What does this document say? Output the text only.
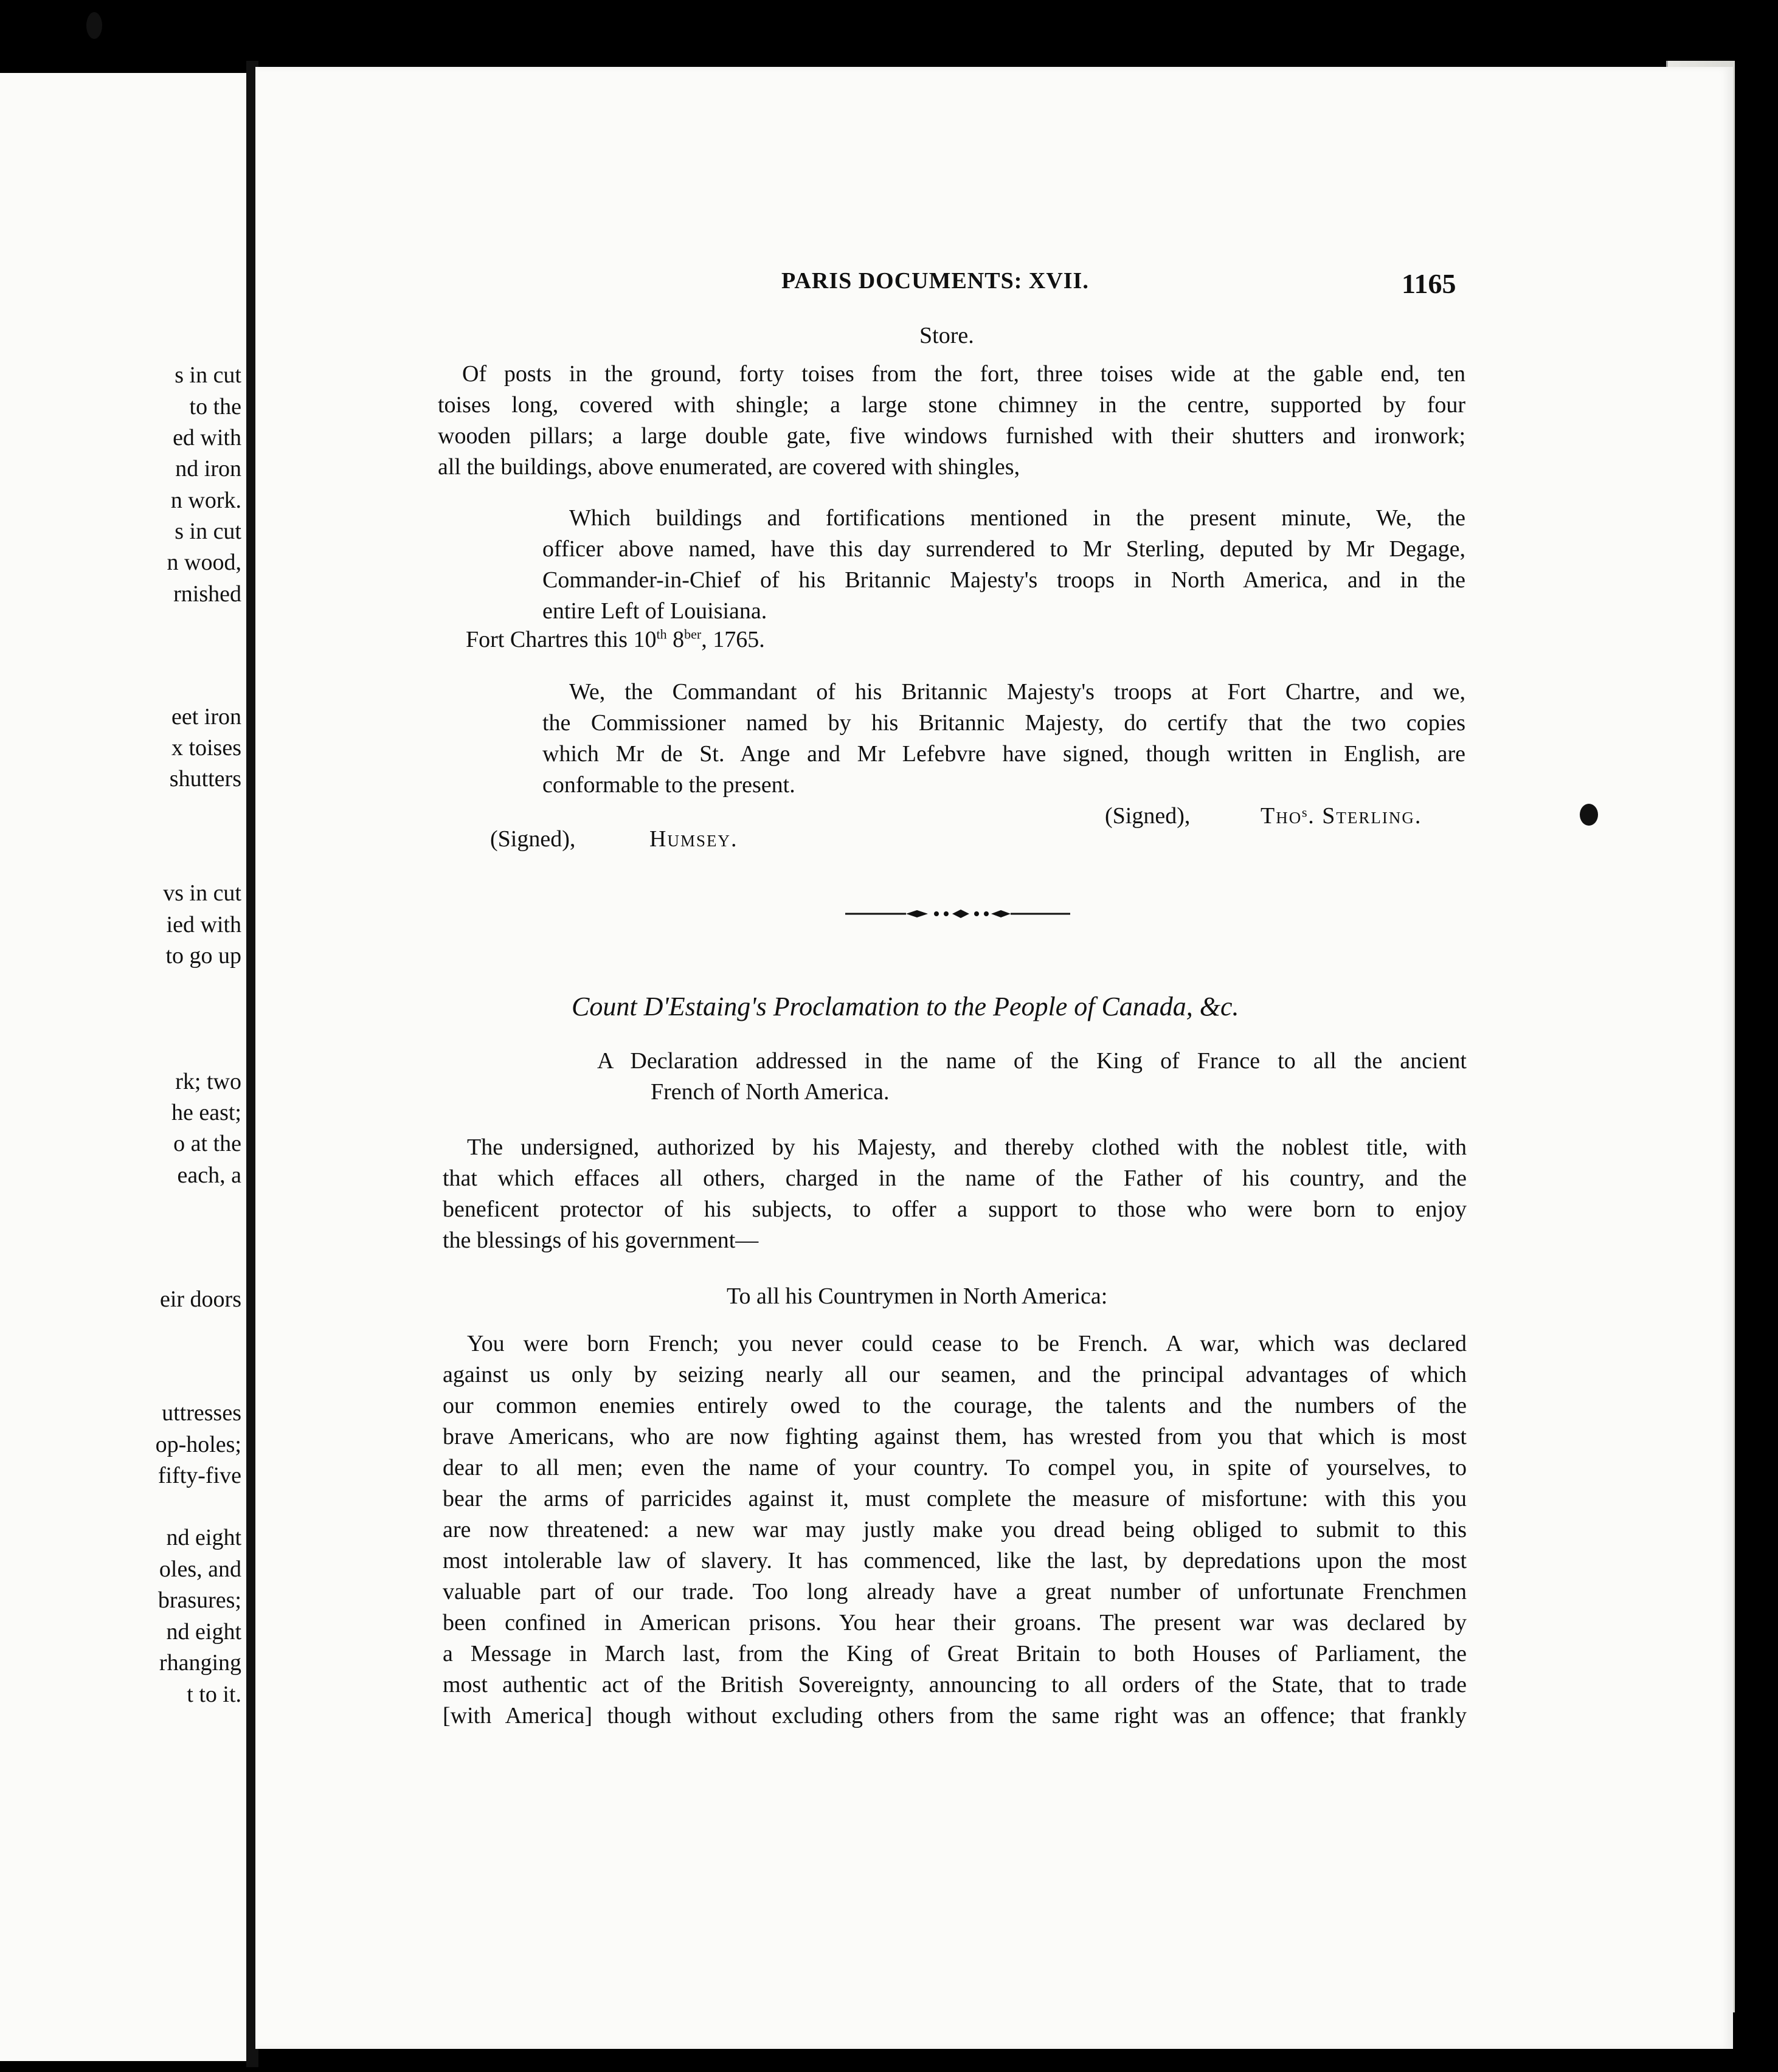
s in cut
to the
ed with
nd iron
n work.
s in cut
n wood,
rnished
eet iron
x toises
shutters
vs in cut
ied with
to go up
rk; two
he east;
o at the
each, a
eir doors
uttresses
op-holes;
fifty-five
nd eight
oles, and
brasures;
nd eight
rhanging
t to it.
PARIS DOCUMENTS: XVII.	1165
Store.
Of posts in the ground, forty toises from the fort, three toises wide at the gable end, ten
toises long, covered with shingle; a large stone chimney in the centre, supported by four
wooden pillars; a large double gate, five windows furnished with their shutters and ironwork;
all the buildings, above enumerated, are covered with shingles,
Which buildings and fortifications mentioned in the present minute, We, the
officer above named, have this day surrendered to Mr Sterling, deputed by Mr Degage,
Commander-in-Chief of his Britannic Majesty's troops in North America, and in the
entire Left of Louisiana.
Fort Chartres this 10th $8^{ber}$, 1765.
We, the Commandant of his Britannic Majesty's troops at Fort Chartre, and we,
the Commissioner named by his Britannic Majesty, do certify that the two copies
which Mr de St. Ange and Mr Lefebvre have signed, though written in English, are
conformable to the present.
(Signed),	Thoˢ. Sterling.
(Signed),	Humsey.
Count D'Estaing's Proclamation to the People of Canada, &c.
A Declaration addressed in the name of the King of France to all the ancient
French of North America.
The undersigned, authorized by his Majesty, and thereby clothed with the noblest title, with
that which effaces all others, charged in the name of the Father of his country, and the
beneficent protector of his subjects, to offer a support to those who were born to enjoy
the blessings of his government—
To all his Countrymen in North America:
You were born French; you never could cease to be French. A war, which was declared
against us only by seizing nearly all our seamen, and the principal advantages of which
our common enemies entirely owed to the courage, the talents and the numbers of the
brave Americans, who are now fighting against them, has wrested from you that which is most
dear to all men; even the name of your country. To compel you, in spite of yourselves, to
bear the arms of parricides against it, must complete the measure of misfortune: with this you
are now threatened: a new war may justly make you dread being obliged to submit to this
most intolerable law of slavery. It has commenced, like the last, by depredations upon the most
valuable part of our trade. Too long already have a great number of unfortunate Frenchmen
been confined in American prisons. You hear their groans. The present war was declared by
a Message in March last, from the King of Great Britain to both Houses of Parliament, the
most authentic act of the British Sovereignty, announcing to all orders of the State, that to trade
[with America] though without excluding others from the same right was an offence; that frankly
